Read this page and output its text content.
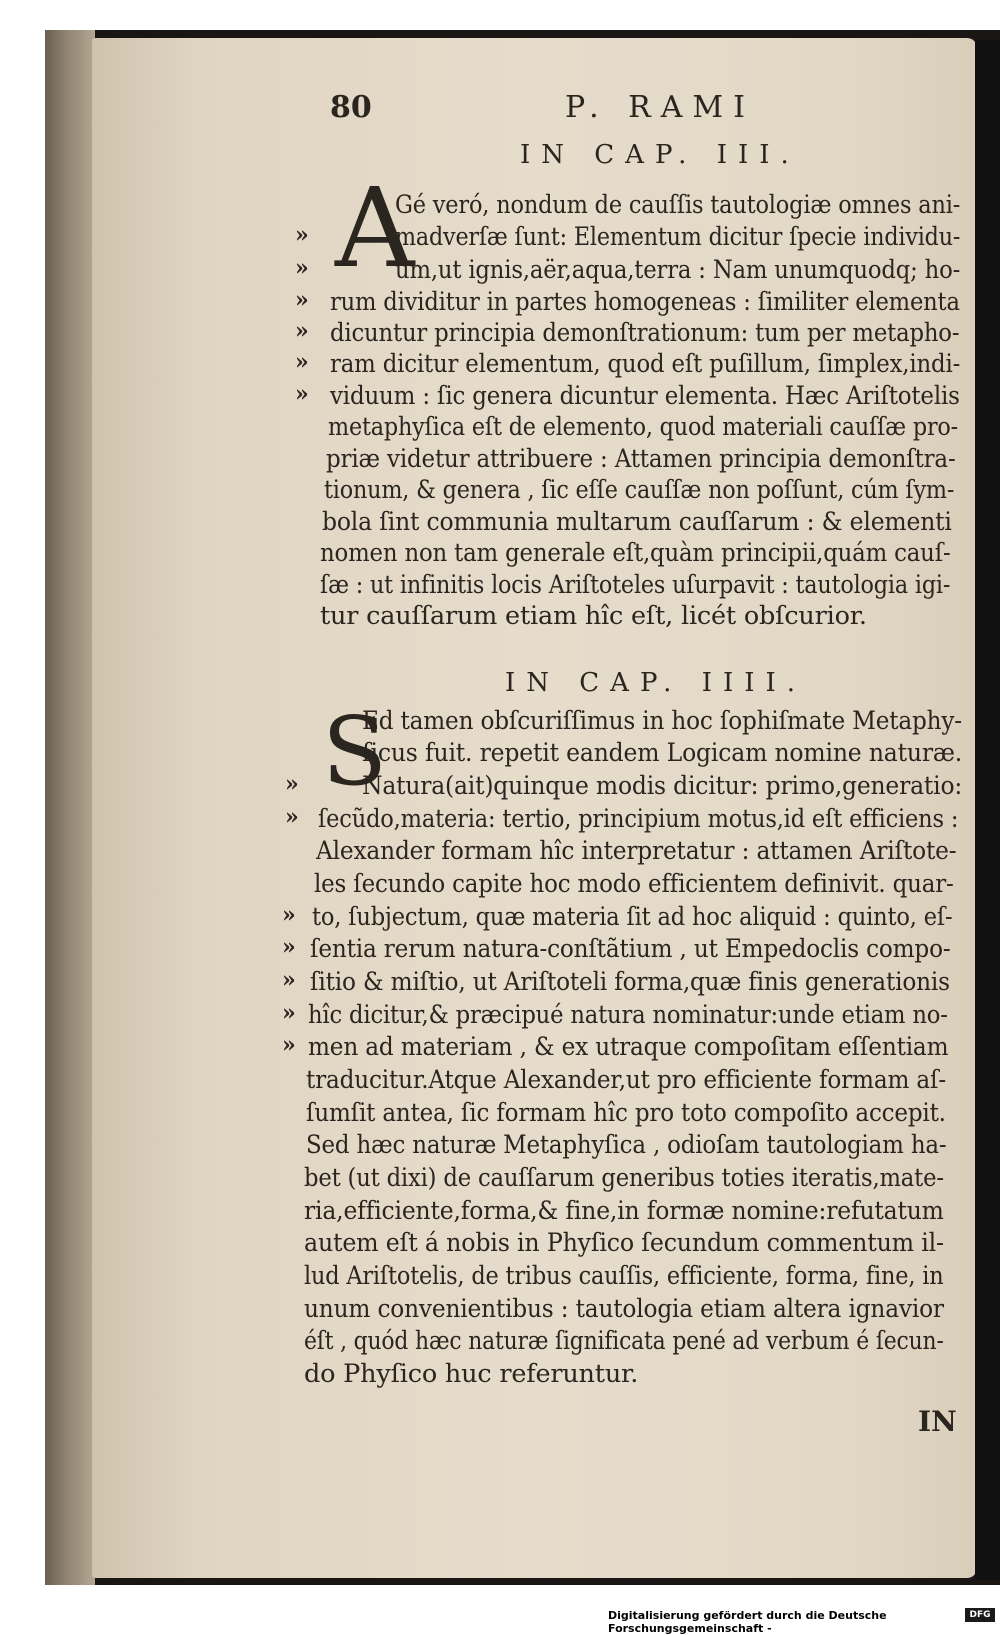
80	P. RAMI
IN CAP. III.
A
Gé veró, nondum de cauſſis tautologiæ omnes ani-
madverſæ ſunt: Elementum dicitur ſpecie individu-
um,ut ignis,aër,aqua,terra : Nam unumquodq; ho-
rum dividitur in partes homogeneas : ſimiliter elementa
dicuntur principia demonſtrationum: tum per metapho-
ram dicitur elementum, quod eſt puſillum, ſimplex,indi-
viduum : ſic genera dicuntur elementa. Hæc Ariſtotelis
metaphyſica eſt de elemento, quod materiali cauſſæ pro-
priæ videtur attribuere : Attamen principia demonſtra-
tionum, & genera , ſic eſſe cauſſæ non poſſunt, cúm ſym-
bola ſint communia multarum cauſſarum : & elementi
nomen non tam generale eſt,quàm principii,quám cauſ-
ſæ : ut infinitis locis Ariſtoteles uſurpavit : tautologia igi-
tur cauſſarum etiam hîc eſt, licét obſcurior.
IN CAP. IIII.
S
Ed tamen obſcuriſſimus in hoc ſophiſmate Metaphy-
ſicus fuit. repetit eandem Logicam nomine naturæ.
Natura(ait)quinque modis dicitur: primo,generatio:
ſecũdo,materia: tertio, principium motus,id eſt efficiens :
Alexander formam hîc interpretatur : attamen Ariſtote-
les ſecundo capite hoc modo efficientem definivit. quar-
to, ſubjectum, quæ materia ſit ad hoc aliquid : quinto, eſ-
ſentia rerum natura-conſtãtium , ut Empedoclis compo-
ſitio & miſtio, ut Ariſtoteli forma,quæ finis generationis
hîc dicitur,& præcipué natura nominatur:unde etiam no-
men ad materiam , & ex utraque compoſitam eſſentiam
traducitur.Atque Alexander,ut pro efficiente formam aſ-
ſumſit antea, ſic formam hîc pro toto compoſito accepit.
Sed hæc naturæ Metaphyſica , odioſam tautologiam ha-
bet (ut dixi) de cauſſarum generibus toties iteratis,mate-
ria,efficiente,forma,& fine,in formæ nomine:refutatum
autem eſt á nobis in Phyſico ſecundum commentum il-
lud Ariſtotelis, de tribus cauſſis, efficiente, forma, fine, in
unum convenientibus : tautologia etiam altera ignavior
éſt , quód hæc naturæ ſignificata pené ad verbum é ſecun-
do Phyſico huc referuntur.
»
»
»
»
»
»
»
»
»
»
»
»
»
IN
Digitalisierung gefördert durch die Deutsche Forschungsgemeinschaft -
DFG
